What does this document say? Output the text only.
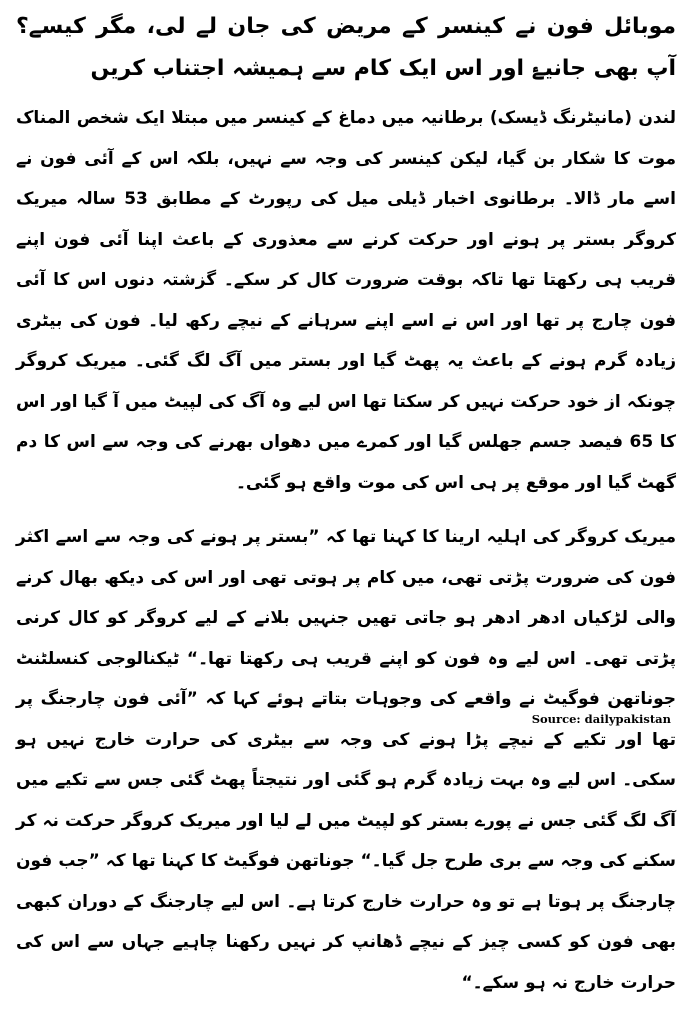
موبائل فون نے کینسر کے مریض کی جان لے لی، مگر کیسے؟ آپ بھی جانیۓ اور اس ایک کام سے ہمیشہ اجتناب کریں

لندن (مانیٹرنگ ڈیسک) برطانیہ میں دماغ کے کینسر میں مبتلا ایک شخص المناک موت کا شکار بن گیا، لیکن کینسر کی وجہ سے نہیں، بلکہ اس کے آئی فون نے اسے مار ڈالا۔ برطانوی اخبار ڈیلی میل کی رپورٹ کے مطابق 53 سالہ میریک کروگر بستر پر ہونے اور حرکت کرنے سے معذوری کے باعث اپنا آئی فون اپنے قریب ہی رکھتا تھا تاکہ بوقت ضرورت کال کر سکے۔ گزشتہ دنوں اس کا آئی فون چارج پر تھا اور اس نے اسے اپنے سرہانے کے نیچے رکھ لیا۔ فون کی بیٹری زیادہ گرم ہونے کے باعث یہ پھٹ گیا اور بستر میں آگ لگ گئی۔ میریک کروگر چونکہ از خود حرکت نہیں کر سکتا تھا اس لیے وہ آگ کی لپیٹ میں آ گیا اور اس کا 65 فیصد جسم جھلس گیا اور کمرے میں دھواں بھرنے کی وجہ سے اس کا دم گھٹ گیا اور موقع پر ہی اس کی موت واقع ہو گئی۔

میریک کروگر کی اہلیہ ارینا کا کہنا تھا کہ ”بستر پر ہونے کی وجہ سے اسے اکثر فون کی ضرورت پڑتی تھی، میں کام پر ہوتی تھی اور اس کی دیکھ بھال کرنے والی لڑکیاں ادھر ادھر ہو جاتی تھیں جنہیں بلانے کے لیے کروگر کو کال کرنی پڑتی تھی۔ اس لیے وہ فون کو اپنے قریب ہی رکھتا تھا۔“ ٹیکنالوجی کنسلٹنٹ جوناتھن فوگیٹ نے واقعے کی وجوہات بتاتے ہوئے کہا کہ ”آئی فون چارجنگ پر تھا اور تکیے کے نیچے پڑا ہونے کی وجہ سے بیٹری کی حرارت خارج نہیں ہو سکی۔ اس لیے وہ بہت زیادہ گرم ہو گئی اور نتیجتاً پھٹ گئی جس سے تکیے میں آگ لگ گئی جس نے پورے بستر کو لپیٹ میں لے لیا اور میریک کروگر حرکت نہ کر سکنے کی وجہ سے بری طرح جل گیا۔“ جوناتھن فوگیٹ کا کہنا تھا کہ ”جب فون چارجنگ پر ہوتا ہے تو وہ حرارت خارج کرتا ہے۔ اس لیے چارجنگ کے دوران کبھی بھی فون کو کسی چیز کے نیچے ڈھانپ کر نہیں رکھنا چاہیے جہاں سے اس کی حرارت خارج نہ ہو سکے۔“

Source: dailypakistan
